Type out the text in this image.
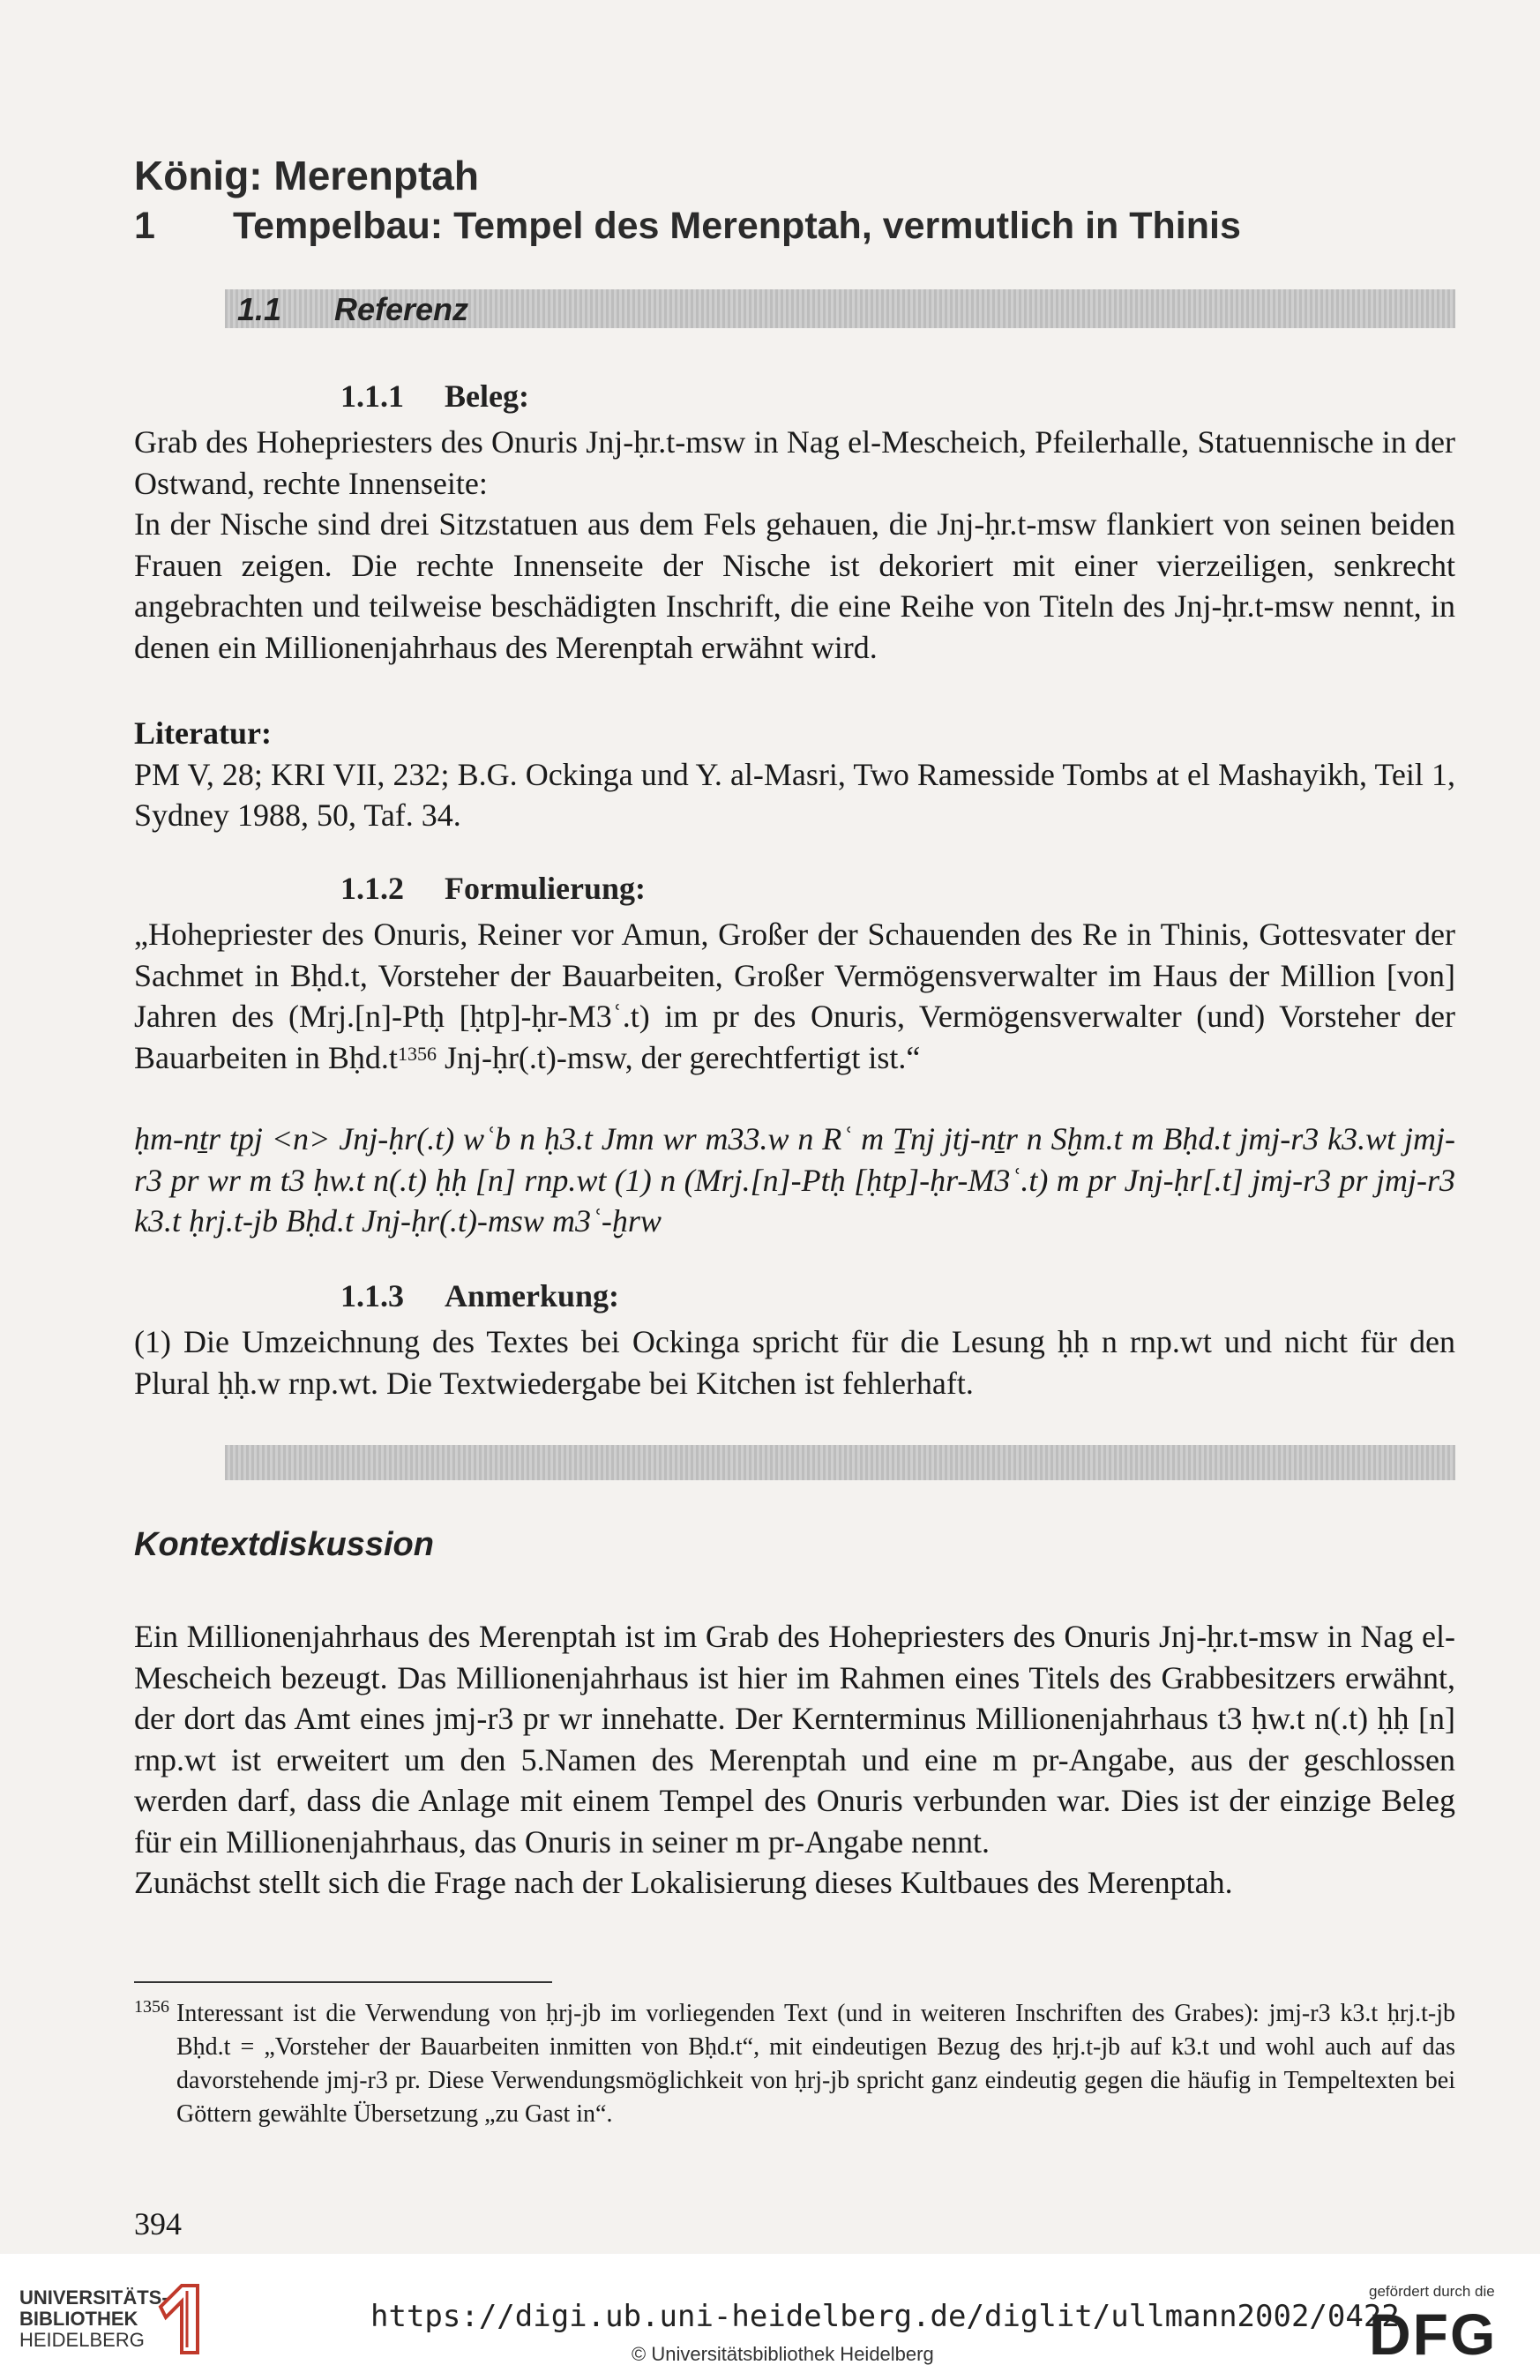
König: Merenptah
1 Tempelbau: Tempel des Merenptah, vermutlich in Thinis
1.1 Referenz
1.1.1 Beleg:

Grab des Hohepriesters des Onuris Jnj-ḥr.t-msw in Nag el-Mescheich, Pfeilerhalle, Statuennische in der Ostwand, rechte Innenseite:

In der Nische sind drei Sitzstatuen aus dem Fels gehauen, die Jnj-ḥr.t-msw flankiert von seinen beiden Frauen zeigen. Die rechte Innenseite der Nische ist dekoriert mit einer vierzeiligen, senkrecht angebrachten und teilweise beschädigten Inschrift, die eine Reihe von Titeln des Jnj-ḥr.t-msw nennt, in denen ein Millionenjahrhaus des Merenptah erwähnt wird.

Literatur:

PM V, 28; KRI VII, 232; B.G. Ockinga und Y. al-Masri, Two Ramesside Tombs at el Mashayikh, Teil 1, Sydney 1988, 50, Taf. 34.

1.1.2 Formulierung:

„Hohepriester des Onuris, Reiner vor Amun, Großer der Schauenden des Re in Thinis, Gottesvater der Sachmet in Bḥd.t, Vorsteher der Bauarbeiten, Großer Vermögensverwalter im Haus der Million [von] Jahren des (Mrj.[n]-Ptḥ [ḥtp]-ḥr-M3ʿ.t) im pr des Onuris, Vermögensverwalter (und) Vorsteher der Bauarbeiten in $Bḥd.t^{1356}$ Jnj-ḥr(.t)-msw, der gerechtfertigt ist.“

ḥm-nṯr tpj <n> Jnj-ḥr(.t) wʿb n ḥ3.t Jmn wr m33.w n Rʿ m Ṯnj jtj-nṯr n Sḫm.t m Bḥd.t jmj-r3 k3.wt jmj-r3 pr wr m t3 ḥw.t n(.t) ḥḥ [n] rnp.wt (1) n (Mrj.[n]-Ptḥ [ḥtp]-ḥr-M3ʿ.t) m pr Jnj-ḥr[.t] jmj-r3 pr jmj-r3 k3.t ḥrj.t-jb Bḥd.t Jnj-ḥr(.t)-msw m3ʿ-ḫrw

1.1.3 Anmerkung:

(1) Die Umzeichnung des Textes bei Ockinga spricht für die Lesung ḥḥ n rnp.wt und nicht für den Plural ḥḥ.w rnp.wt. Die Textwiedergabe bei Kitchen ist fehlerhaft.

Kontextdiskussion

Ein Millionenjahrhaus des Merenptah ist im Grab des Hohepriesters des Onuris Jnj-ḥr.t-msw in Nag el-Mescheich bezeugt. Das Millionenjahrhaus ist hier im Rahmen eines Titels des Grabbesitzers erwähnt, der dort das Amt eines jmj-r3 pr wr innehatte. Der Kernterminus Millionenjahrhaus t3 ḥw.t n(.t) ḥḥ [n] rnp.wt ist erweitert um den 5.Namen des Merenptah und eine m pr-Angabe, aus der geschlossen werden darf, dass die Anlage mit einem Tempel des Onuris verbunden war. Dies ist der einzige Beleg für ein Millionenjahrhaus, das Onuris in seiner m pr-Angabe nennt.

Zunächst stellt sich die Frage nach der Lokalisierung dieses Kultbaues des Merenptah.

1356 Interessant ist die Verwendung von ḥrj-jb im vorliegenden Text (und in weiteren Inschriften des Grabes): jmj-r3 k3.t ḥrj.t-jb Bḥd.t = „Vorsteher der Bauarbeiten inmitten von Bḥd.t“, mit eindeutigen Bezug des ḥrj.t-jb auf k3.t und wohl auch auf das davorstehende jmj-r3 pr. Diese Verwendungsmöglichkeit von ḥrj-jb spricht ganz eindeutig gegen die häufig in Tempeltexten bei Göttern gewählte Übersetzung „zu Gast in“.
394
UNIVERSITÄTS-
BIBLIOTHEK
HEIDELBERG
https://digi.ub.uni-heidelberg.de/diglit/ullmann2002/0422
© Universitätsbibliothek Heidelberg
gefördert durch die
DFG
